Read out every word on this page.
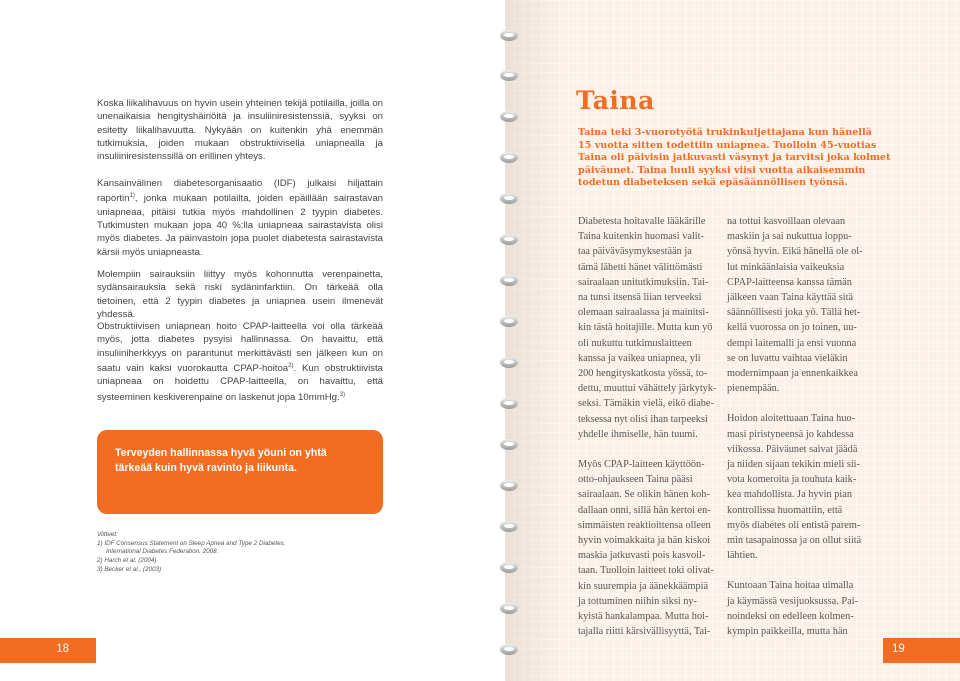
Koska liikalihavuus on hyvin usein yhteinen tekijä potilailla, joilla on unenaikaisia hengityshäiriöitä ja insuliiniresistenssiä, syyksi on esitetty liikalihavuutta. Nykyään on kuitenkin yhä enemmän tutkimuksia, joiden mukaan obstruktiivisella uniapnealla ja insuliiniresistenssillä on erillinen yhteys.

Kansainvälinen diabetesorganisaatio (IDF) julkaisi hiljattain raportin$^{1)}$, jonka mukaan potilailta, joiden epäillään sairastavan uniapneaa, pitäisi tutkia myös mahdollinen 2 tyypin diabetes. Tutkimusten mukaan jopa 40 %:lla uniapneaa sairastavista olisi myös diabetes. Ja päinvastoin jopa puolet diabetesta sairastavista kärsii myös uniapneasta.

Molempiin sairauksiin liittyy myös kohonnutta verenpainetta, sydänsairauksia sekä riski sydäninfarktiin. On tärkeää olla tietoinen, että 2 tyypin diabetes ja uniapnea usein ilmenevät yhdessä.

Obstruktiivisen uniapnean hoito CPAP-laitteella voi olla tärkeää myös, jotta diabetes pysyisi hallinnassa. On havaittu, että insuliiniherkkyys on parantunut merkittävästi sen jälkeen kun on saatu vain kaksi vuorokautta CPAP-hoitoa$^{2)}$. Kun obstruktiivista uniapneaa on hoidettu CPAP-laitteella, on havaittu, että systeeminen keskiverenpaine on laskenut jopa 10mmHg.$^{3)}$

Terveyden hallinnassa hyvä yöuni on yhtä tärkeää kuin hyvä ravinto ja liikunta.

Viitteet:
1) IDF Consensus Statement on Sleep Apnea and Type 2 Diabetes.
International Diabetes Federation. 2008.
2) Harch et al. (2004)
3) Becker et al., (2003)
18
Taina
Taina teki 3-vuorotyötä trukinkuljettajana kun hänellä
15 vuotta sitten todettiin uniapnea. Tuolloin 45-vuotias
Taina oli päivisin jatkuvasti väsynyt ja tarvitsi joka kolmet
päiväunet. Taina luuli syyksi viisi vuotta aikaisemmin
todetun diabeteksen sekä epäsäännöllisen työnsä.
Diabetesta hoitavalle lääkärille
Taina kuitenkin huomasi valit-
taa päiväväsymyksestään ja
tämä lähetti hänet välittömästi
sairaalaan unitutkimuksiin. Tai-
na tunsi itsensä liian terveeksi
olemaan sairaalassa ja mainitsi-
kin tästä hoitajille. Mutta kun yö
oli nukuttu tutkimuslaitteen
kanssa ja vaikea uniapnea, yli
200 hengityskatkosta yössä, to-
dettu, muuttui vähättely järkytyk-
seksi. Tämäkin vielä, eikö diabe-
teksessa nyt olisi ihan tarpeeksi
yhdelle ihmiselle, hän tuumi.
Myös CPAP-laitteen käyttöön-
otto-ohjaukseen Taina pääsi
sairaalaan. Se olikin hänen koh-
dallaan onni, sillä hän kertoi en-
simmäisten reaktioittensa olleen
hyvin voimakkaita ja hän kiskoi
maskia jatkuvasti pois kasvoil-
taan. Tuolloin laitteet toki olivat-
kin suurempia ja äänekkäämpiä
ja tottuminen niihin siksi ny-
kyistä hankalampaa. Mutta hoi-
tajalla riitti kärsivällisyyttä, Tai-
na tottui kasvoillaan olevaan
maskiin ja sai nukuttua loppu-
yönsä hyvin. Eikä hänellä ole ol-
lut minkäänlaisia vaikeuksia
CPAP-laitteensa kanssa tämän
jälkeen vaan Taina käyttää sitä
säännöllisesti joka yö. Tällä het-
kellä vuorossa on jo toinen, uu-
dempi laitemalli ja ensi vuonna
se on luvattu vaihtaa vieläkin
modernimpaan ja ennenkaikkea
pienempään.
Hoidon aloitettuaan Taina huo-
masi piristyneensä jo kahdessa
viikossa. Päiväunet saivat jäädä
ja niiden sijaan tekikin mieli sii-
vota komeroita ja touhuta kaik-
kea mahdollista. Ja hyvin pian
kontrollissa huomattiin, että
myös diabetes oli entistä parem-
min tasapainossa ja on ollut siitä
lähtien.
Kuntoaan Taina hoitaa uimalla
ja käymässä vesijuoksussa. Pai-
noindeksi on edelleen kolmen-
kympin paikkeilla, mutta hän
19
